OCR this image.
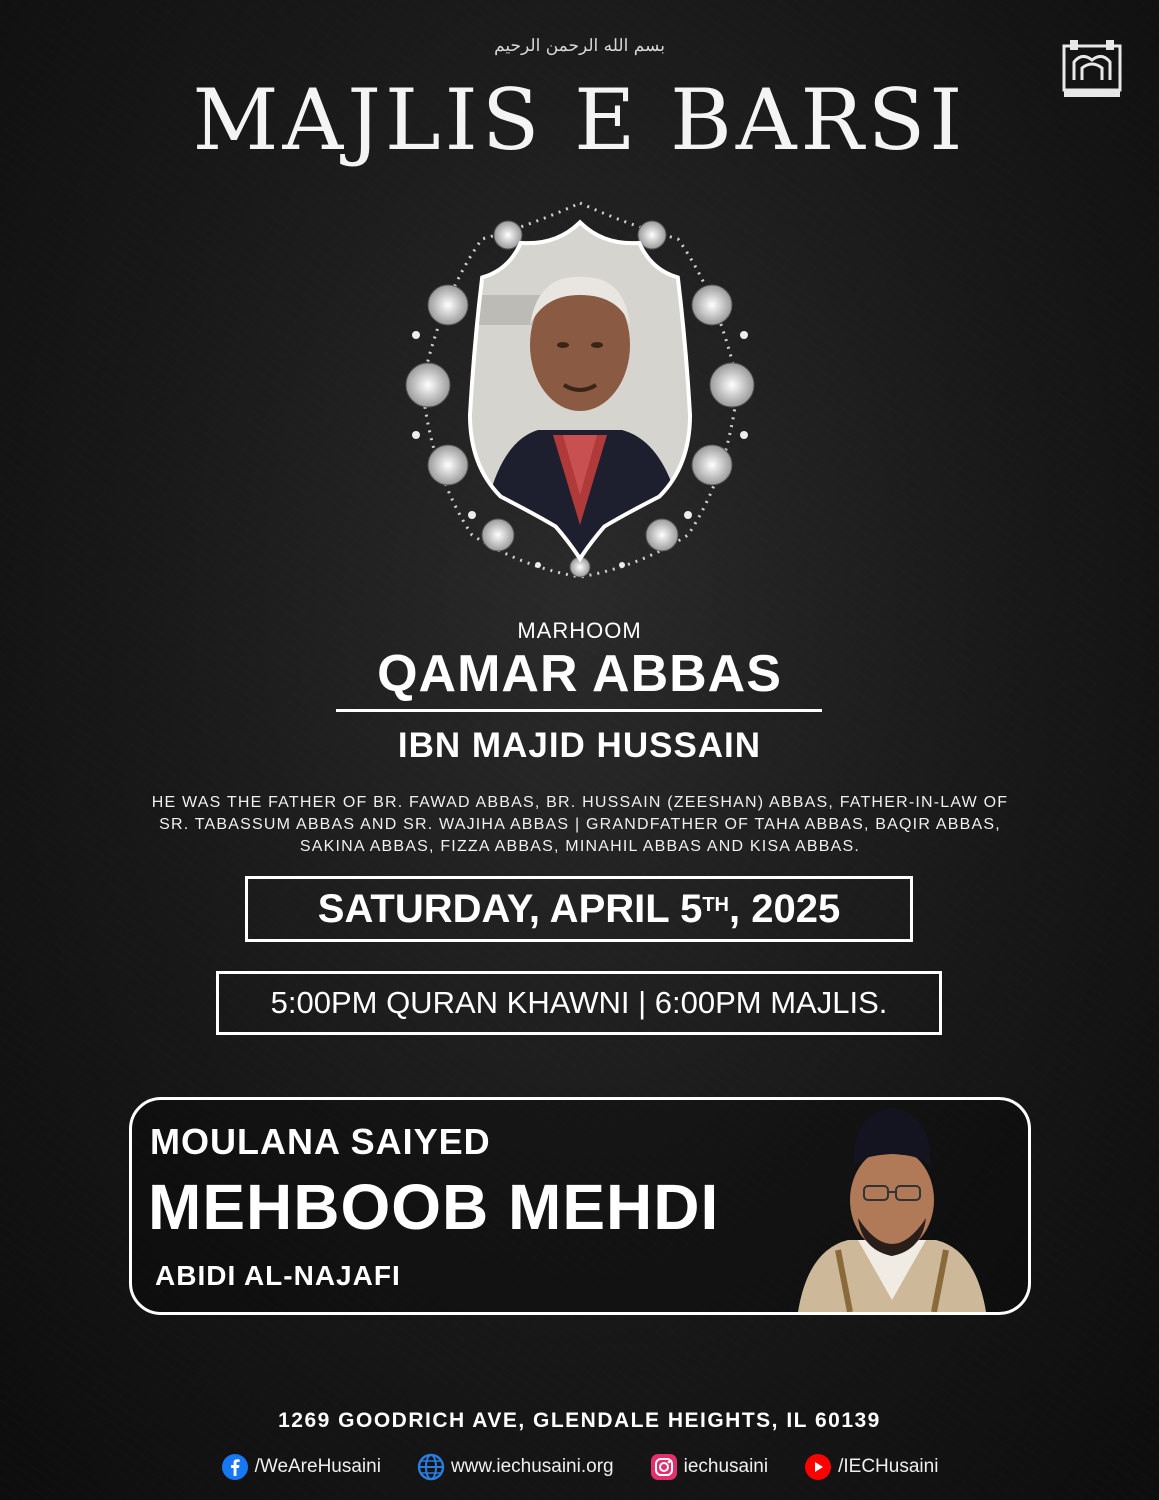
بسم الله الرحمن الرحيم
MAJLIS E BARSI
MARHOOM
QAMAR ABBAS
IBN MAJID HUSSAIN
HE WAS THE FATHER OF BR. FAWAD ABBAS, BR. HUSSAIN (ZEESHAN) ABBAS, FATHER-IN-LAW OF
SR. TABASSUM ABBAS AND SR. WAJIHA ABBAS | GRANDFATHER OF TAHA ABBAS, BAQIR ABBAS,
SAKINA ABBAS, FIZZA ABBAS, MINAHIL ABBAS AND KISA ABBAS.
SATURDAY, APRIL 5TH , 2025
5:00PM QURAN KHAWNI | 6:00PM MAJLIS.
MOULANA SAIYED
MEHBOOB MEHDI
ABIDI AL-NAJAFI
1269 GOODRICH AVE, GLENDALE HEIGHTS, IL 60139
/WeAreHusaini	www.iechusaini.org	iechusaini	/IECHusaini
